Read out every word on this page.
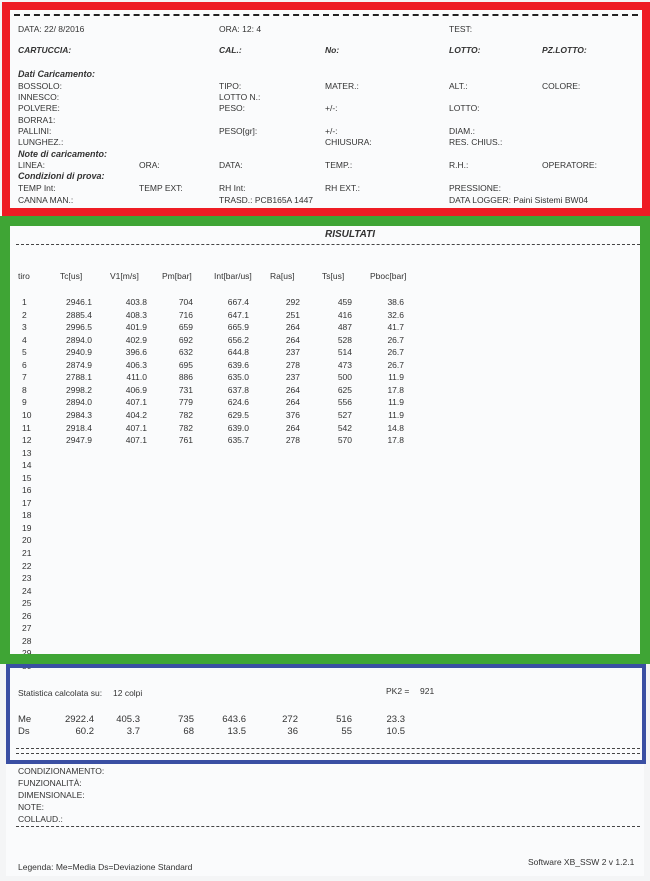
DATA: 22/ 8/2016	ORA: 12: 4	TEST:
CARTUCCIA:	CAL.:	No:	LOTTO:	PZ.LOTTO:
Dati Caricamento:
BOSSOLO:	TIPO:	MATER.:	ALT.:	COLORE:
INNESCO:	LOTTO N.:
POLVERE:	PESO:	+/-:	LOTTO:
BORRA1:
PALLINI:	PESO[gr]:	+/-:	DIAM.:
LUNGHEZ.:	CHIUSURA:	RES. CHIUS.:
Note di caricamento:
LINEA:	ORA:	DATA:	TEMP.:	R.H.:	OPERATORE:
Condizioni di prova:
TEMP Int:	TEMP EXT:	RH Int:	RH EXT.:	PRESSIONE:
CANNA MAN.:	TRASD.: PCB165A 1447	DATA LOGGER: Paini Sistemi BW04
RISULTATI
tiro	Tc[us]	V1[m/s]	Pm[bar]	Int[bar/us] Ra[us]	Ts[us]	Pboc[bar]
1	2946.1	403.8	704	667.4	292	459	38.6
2	2885.4	408.3	716	647.1	251	416	32.6
3	2996.5	401.9	659	665.9	264	487	41.7
4	2894.0	402.9	692	656.2	264	528	26.7
5	2940.9	396.6	632	644.8	237	514	26.7
6	2874.9	406.3	695	639.6	278	473	26.7
7	2788.1	411.0	886	635.0	237	500	11.9
8	2998.2	406.9	731	637.8	264	625	17.8
9	2894.0	407.1	779	624.6	264	556	11.9
10	2984.3	404.2	782	629.5	376	527	11.9
11	2918.4	407.1	782	639.0	264	542	14.8
12	2947.9	407.1	761	635.7	278	570	17.8
13
14
15
16
17
18
19
20
21
22
23
24
25
26
27
28
29
30
Statistica calcolata su: 12 colpi	PK2 = 921
Me	2922.4	405.3	735	643.6	272	516	23.3
Ds	60.2	3.7	68	13.5	36	55	10.5
CONDIZIONAMENTO:
FUNZIONALITÀ:
DIMENSIONALE:
NOTE:
COLLAUD.:
Legenda: Me=Media Ds=Deviazione Standard	Software XB_SSW 2 v 1.2.1
